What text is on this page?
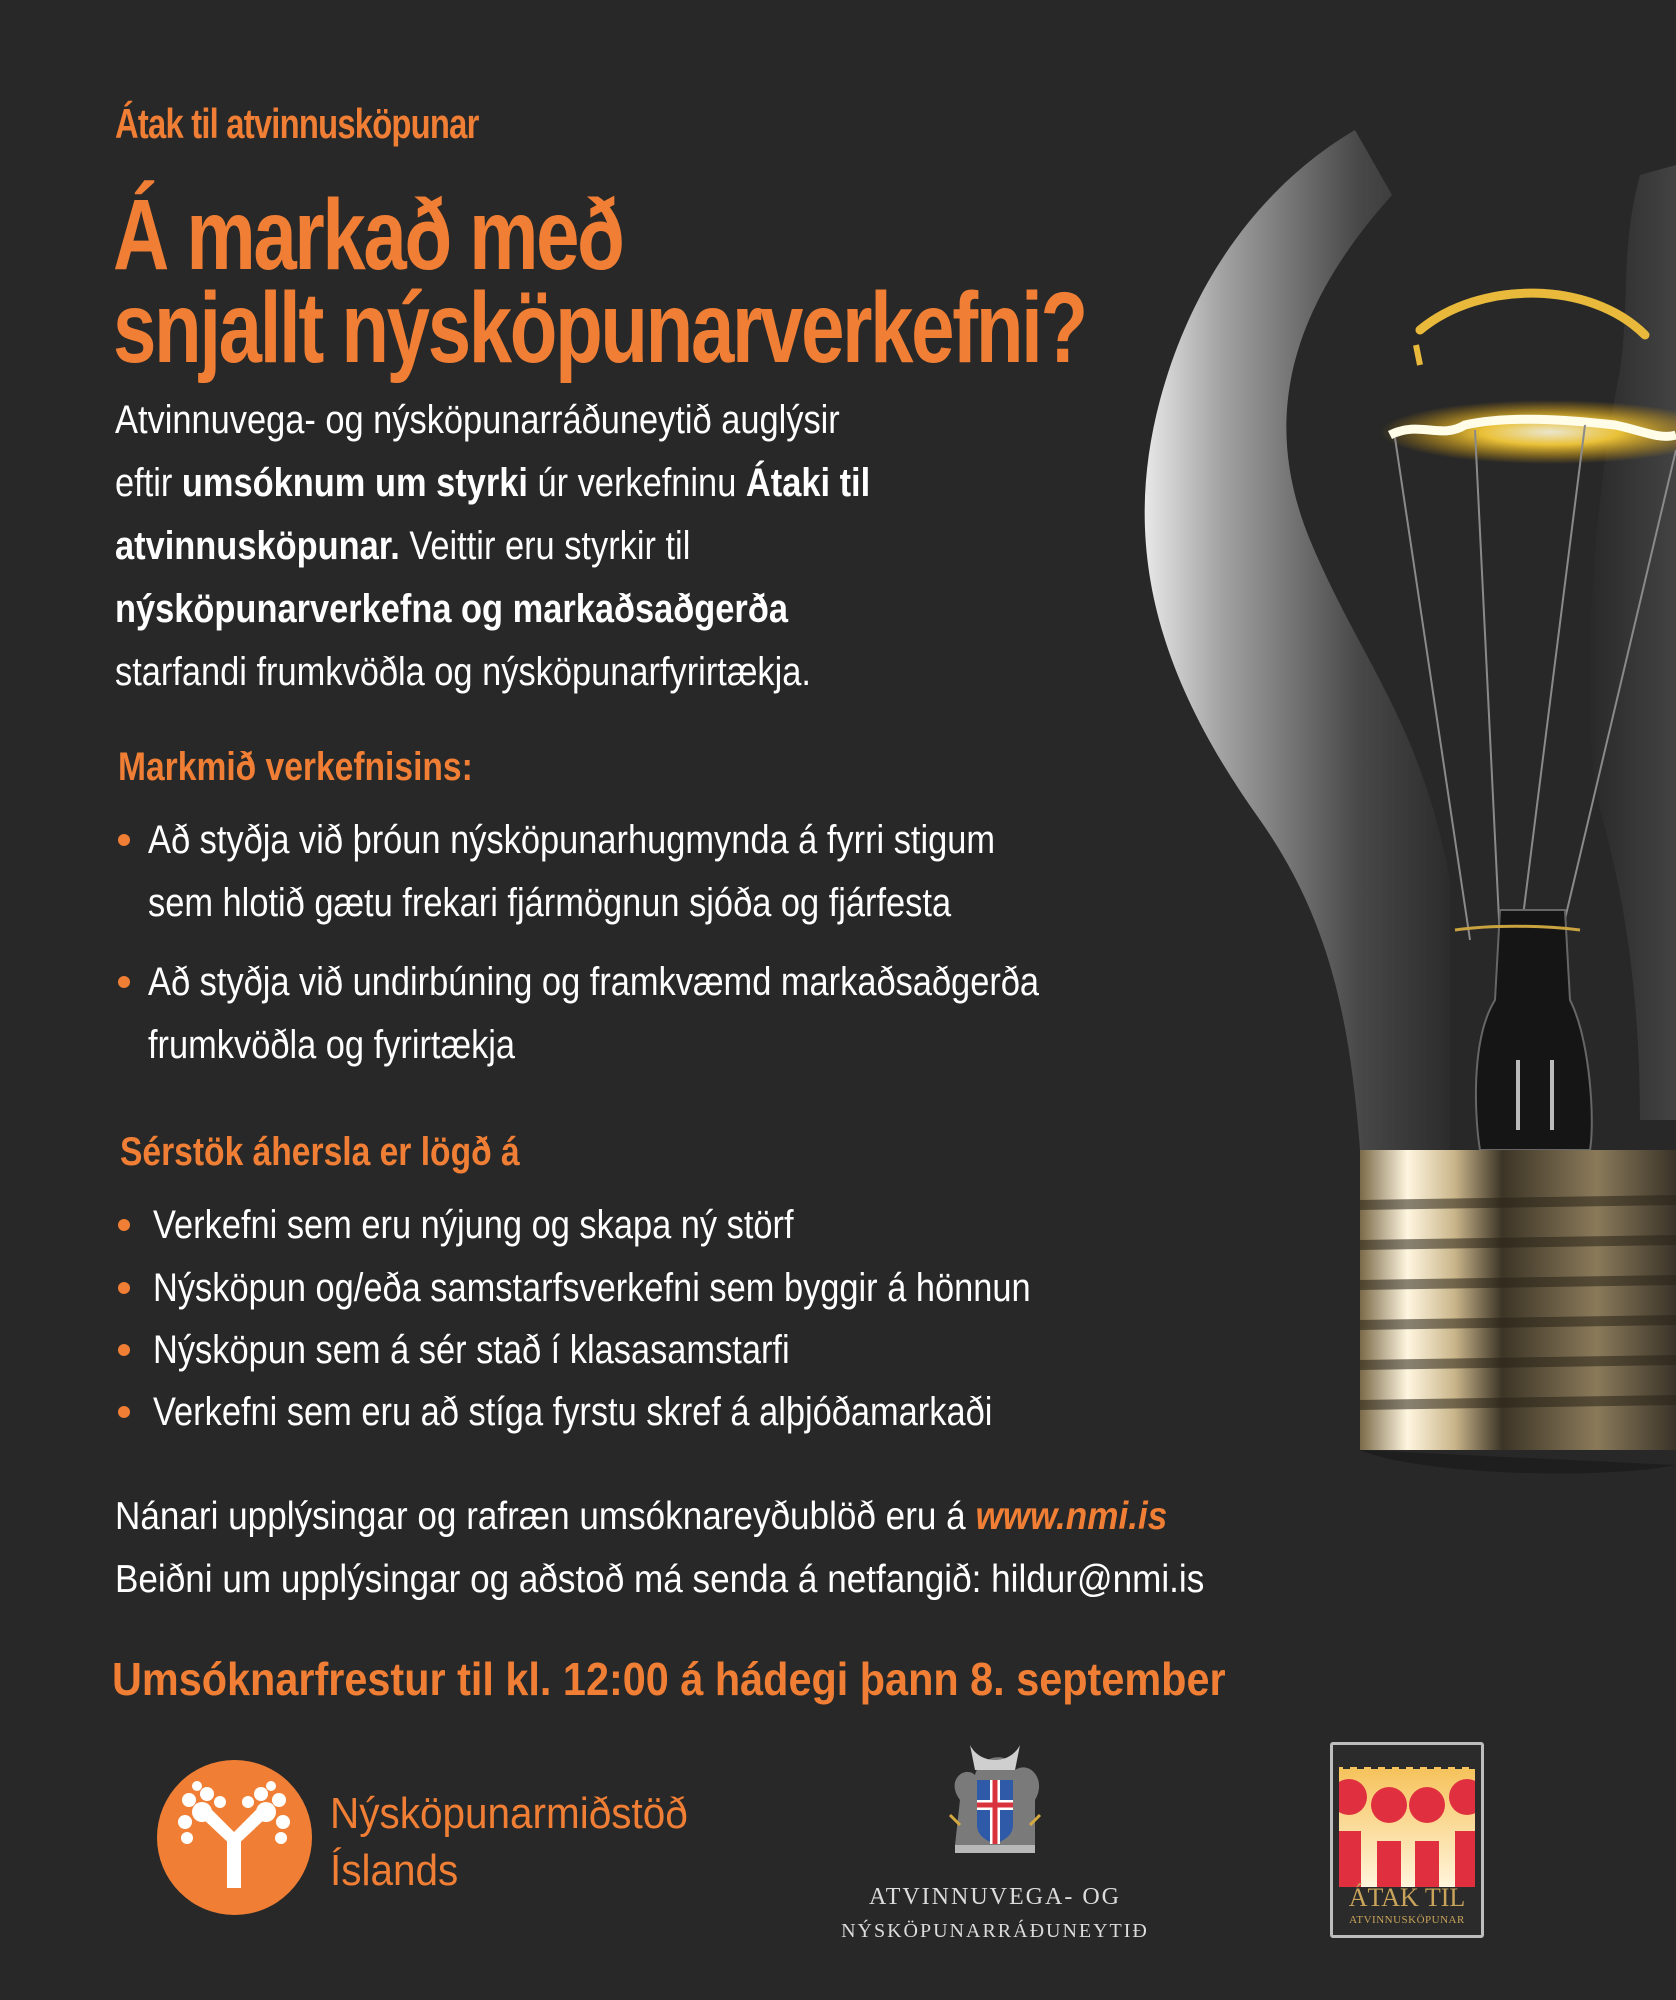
Átak til atvinnusköpunar
Á markað með
snjallt nýsköpunarverkefni?
Atvinnuvega- og nýsköpunarráðuneytið auglýsir
eftir umsóknum um styrki úr verkefninu Átaki til
atvinnusköpunar. Veittir eru styrkir til
nýsköpunarverkefna og markaðsaðgerða
starfandi frumkvöðla og nýsköpunarfyrirtækja.
Markmið verkefnisins:
Að styðja við þróun nýsköpunarhugmynda á fyrri stigum
sem hlotið gætu frekari fjármögnun sjóða og fjárfesta
Að styðja við undirbúning og framkvæmd markaðsaðgerða
frumkvöðla og fyrirtækja
Sérstök áhersla er lögð á
Verkefni sem eru nýjung og skapa ný störf
Nýsköpun og/eða samstarfsverkefni sem byggir á hönnun
Nýsköpun sem á sér stað í klasasamstarfi
Verkefni sem eru að stíga fyrstu skref á alþjóðamarkaði
Nánari upplýsingar og rafræn umsóknareyðublöð eru á www.nmi.is
Beiðni um upplýsingar og aðstoð má senda á netfangið: hildur@nmi.is
Umsóknarfrestur til kl. 12:00 á hádegi þann 8. september
Nýsköpunarmiðstöð
Íslands
ATVINNUVEGA- OG
NÝSKÖPUNARRÁÐUNEYTIÐ
ÁTAK TIL
ATVINNUSKÖPUNAR
